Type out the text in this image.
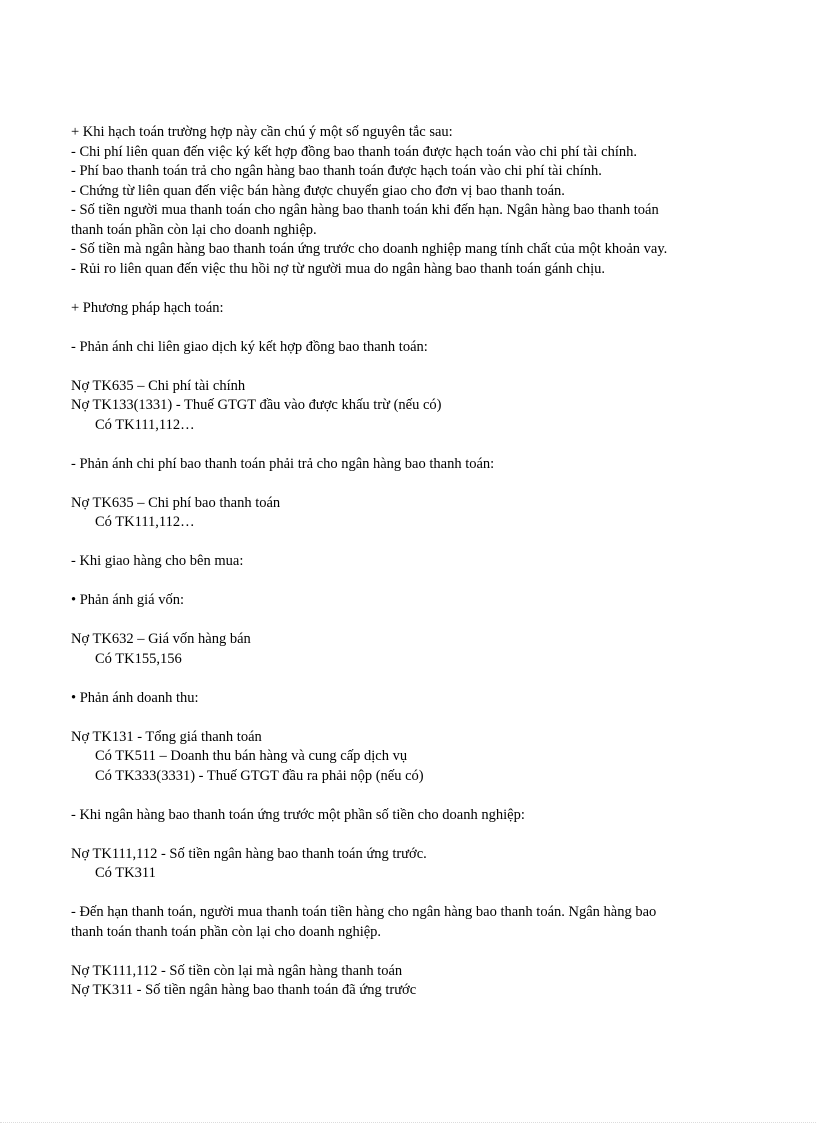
+ Khi hạch toán trường hợp này cần chú ý một số nguyên tắc sau:
- Chi phí liên quan đến việc ký kết hợp đồng bao thanh toán được hạch toán vào chi phí tài chính.
- Phí bao thanh toán trả cho ngân hàng bao thanh toán được hạch toán vào chi phí tài chính.
- Chứng từ liên quan đến việc bán hàng được chuyển giao cho đơn vị bao thanh toán.
- Số tiền người mua thanh toán cho ngân hàng bao thanh toán khi đến hạn. Ngân hàng bao thanh toán
thanh toán phần còn lại cho doanh nghiệp.
- Số tiền mà ngân hàng bao thanh toán ứng trước cho doanh nghiệp mang tính chất của một khoản vay.
- Rủi ro liên quan đến việc thu hồi nợ từ người mua do ngân hàng bao thanh toán gánh chịu.
+ Phương pháp hạch toán:
- Phản ánh chi liên giao dịch ký kết hợp đồng bao thanh toán:
Nợ TK635 – Chi phí tài chính
Nợ TK133(1331) - Thuế GTGT đầu vào được khấu trừ (nếu có)
Có TK111,112…
- Phản ánh chi phí bao thanh toán phải trả cho ngân hàng bao thanh toán:
Nợ TK635 – Chi phí bao thanh toán
Có TK111,112…
- Khi giao hàng cho bên mua:
• Phản ánh giá vốn:
Nợ TK632 – Giá vốn hàng bán
Có TK155,156
• Phản ánh doanh thu:
Nợ TK131 - Tổng giá thanh toán
Có TK511 – Doanh thu bán hàng và cung cấp dịch vụ
Có TK333(3331) - Thuế GTGT đầu ra phải nộp (nếu có)
- Khi ngân hàng bao thanh toán ứng trước một phần số tiền cho doanh nghiệp:
Nợ TK111,112 - Số tiền ngân hàng bao thanh toán ứng trước.
Có TK311
- Đến hạn thanh toán, người mua thanh toán tiền hàng cho ngân hàng bao thanh toán. Ngân hàng bao
thanh toán thanh toán phần còn lại cho doanh nghiệp.
Nợ TK111,112 - Số tiền còn lại mà ngân hàng thanh toán
Nợ TK311 - Số tiền ngân hàng bao thanh toán đã ứng trước
